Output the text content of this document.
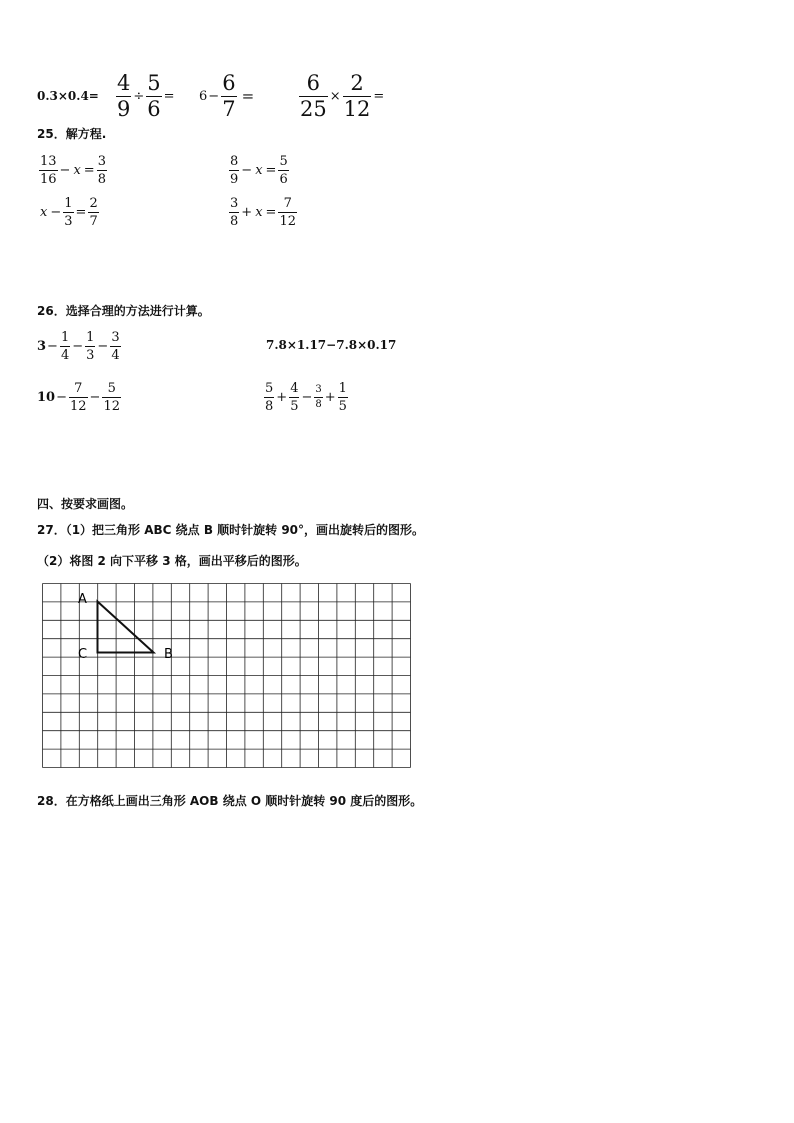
$0.3\times 0.4= \frac{4}{9} \div \frac{5}{6} = 6 - \frac{6}{7} = \frac{6}{25} \times \frac{2}{12}$ =
25．解方程.
$\frac{13}{16} - x = \frac{3}{8}$	$\frac{8}{9} - x = \frac{5}{6}$
$x - \frac{1}{3} = \frac{2}{7}$	$\frac{3}{8} + x = \frac{7}{12}$
26．选择合理的方法进行计算。
$3 - \frac{1}{4} - \frac{1}{3} - \frac{3}{4}$	7.8×1.17−7.8×0.17
$10 - \frac{7}{12} - \frac{5}{12}$	$\frac{5}{8} + \frac{4}{5} - \frac{3}{8} + \frac{1}{5}$
四、按要求画图。
27．（1）把三角形 ABC 绕点 B 顺时针旋转 90°，画出旋转后的图形。
（2）将图 2 向下平移 3 格，画出平移后的图形。
A
C	B
28．在方格纸上画出三角形 AOB 绕点 O 顺时针旋转 90 度后的图形。
